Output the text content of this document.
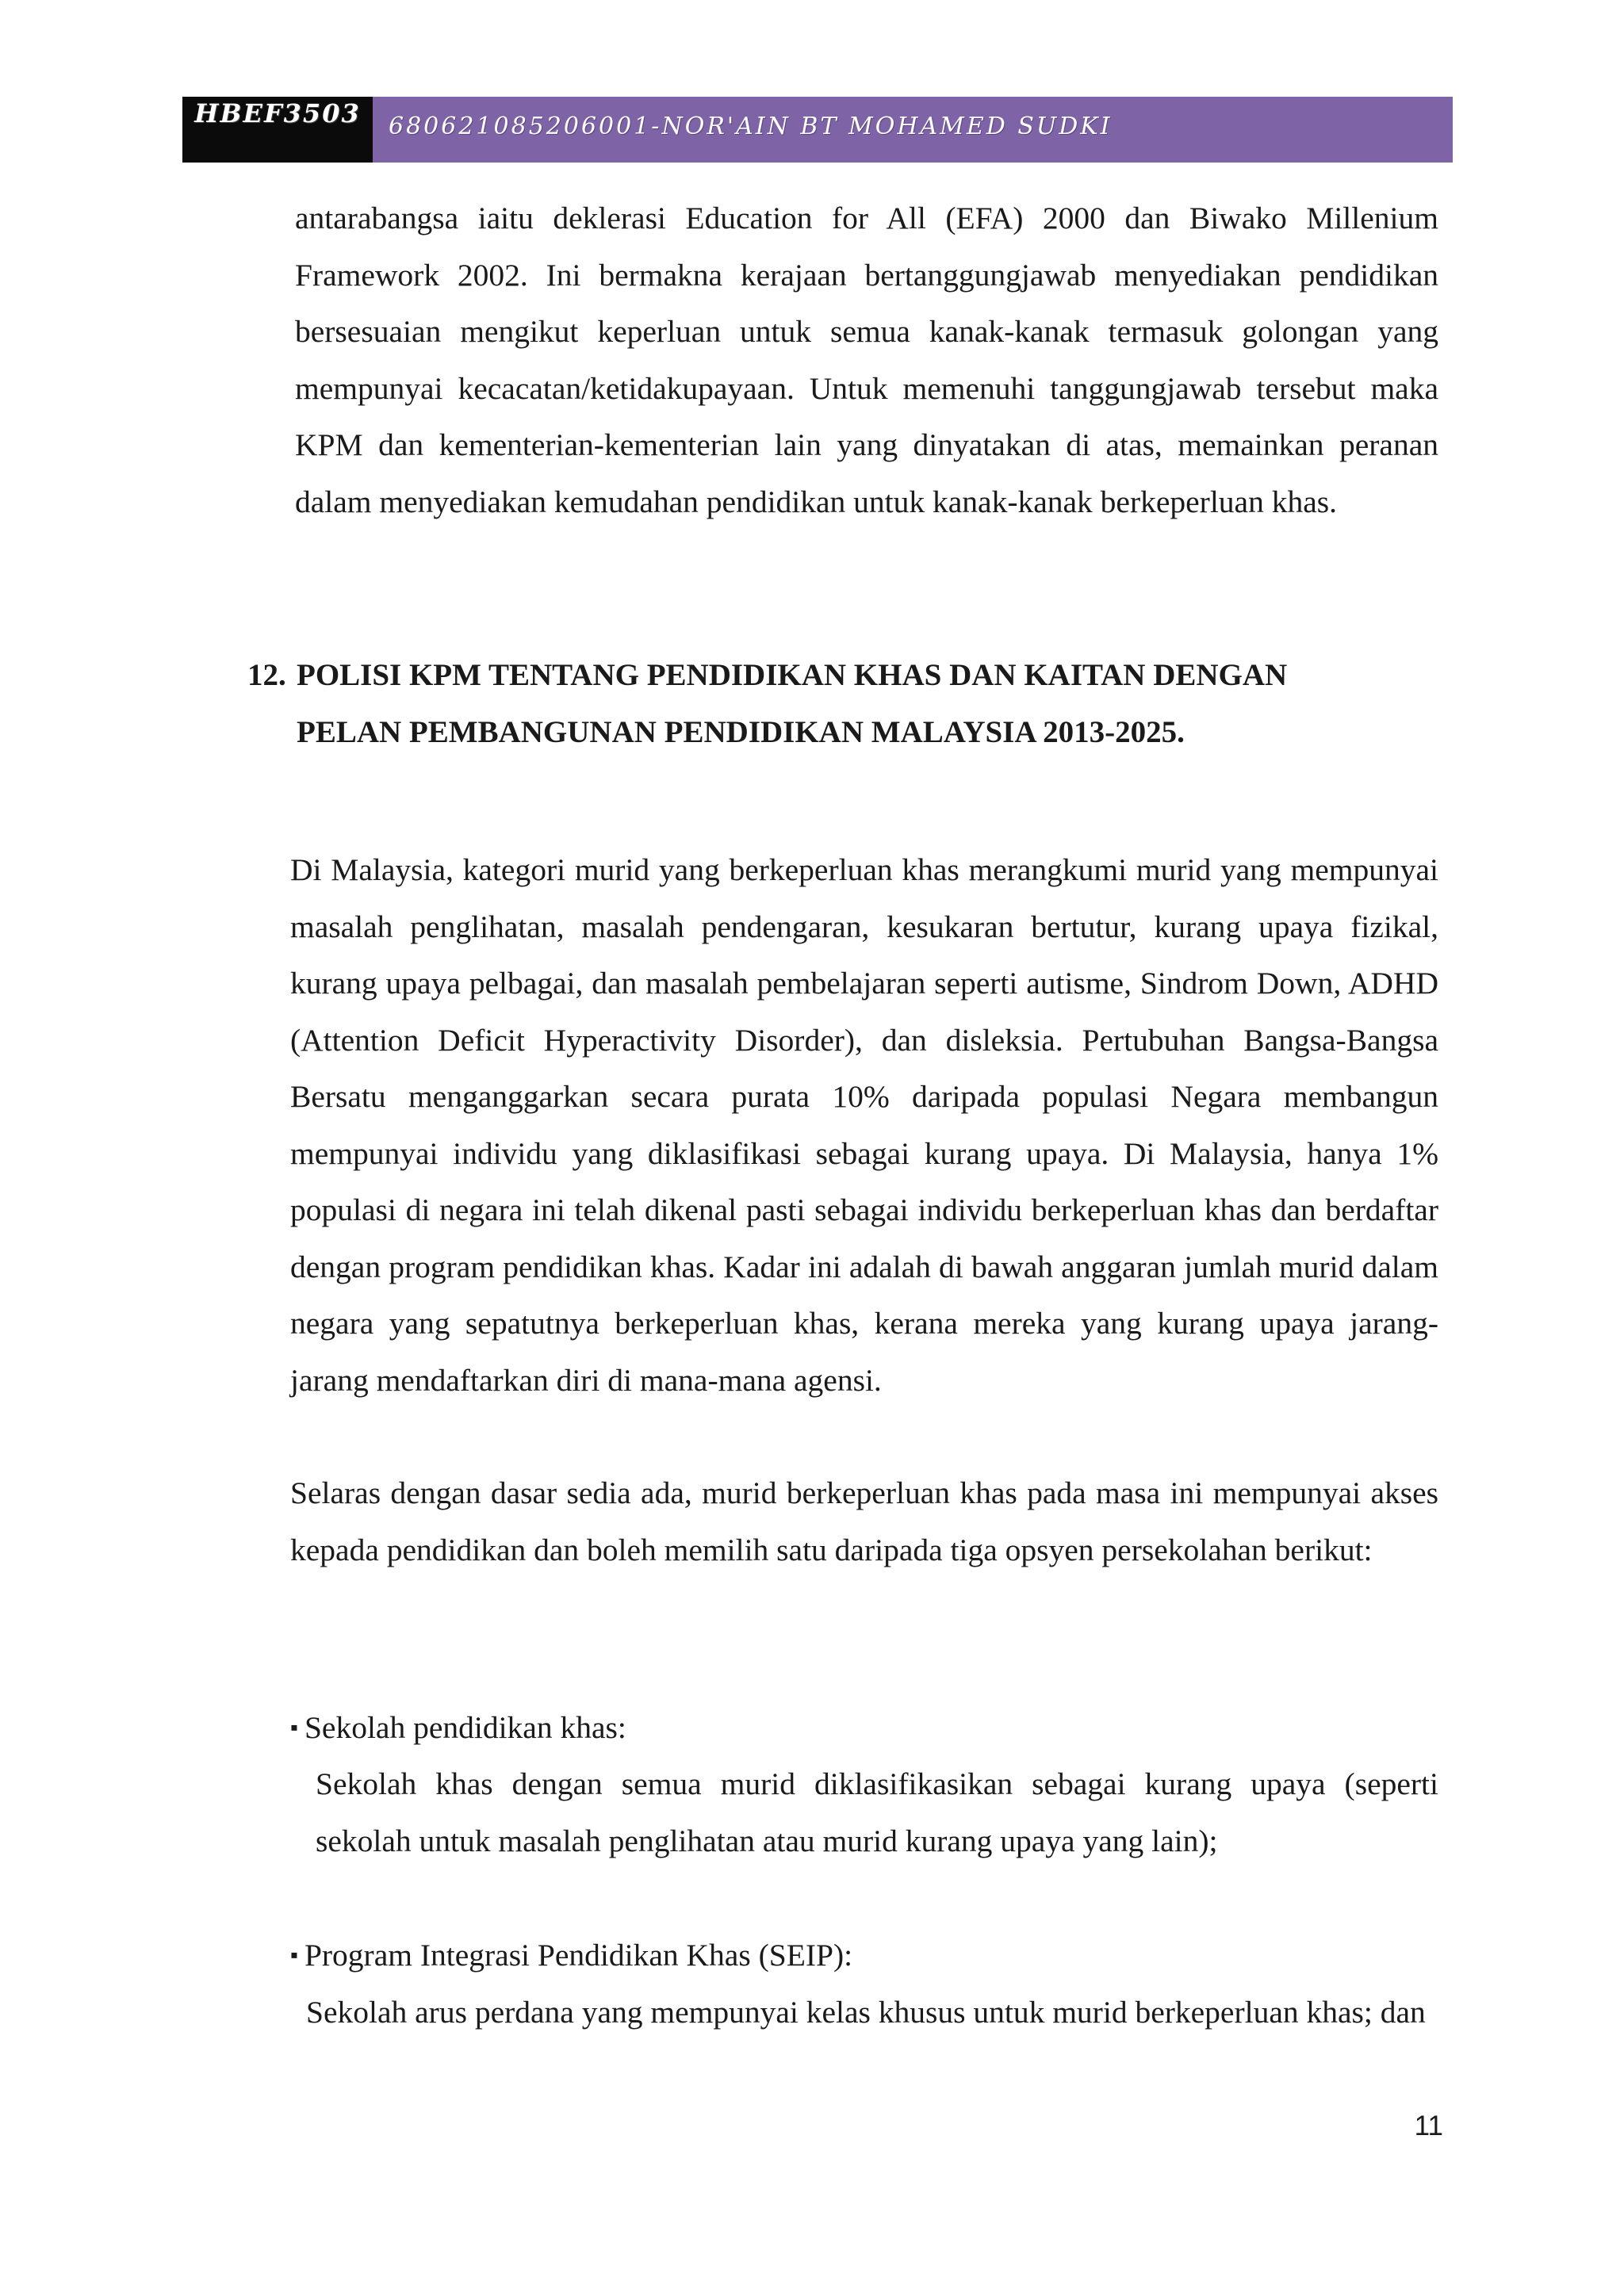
HBEF3503	680621085206001-NOR'AIN BT MOHAMED SUDKI

antarabangsa iaitu deklerasi Education for All (EFA) 2000 dan Biwako Millenium Framework 2002. Ini bermakna kerajaan bertanggungjawab menyediakan pendidikan bersesuaian mengikut keperluan untuk semua kanak-kanak termasuk golongan yang mempunyai kecacatan/ketidakupayaan. Untuk memenuhi tanggungjawab tersebut maka KPM dan kementerian-kementerian lain yang dinyatakan di atas, memainkan peranan dalam menyediakan kemudahan pendidikan untuk kanak-kanak berkeperluan khas.

12. POLISI KPM TENTANG PENDIDIKAN KHAS DAN KAITAN DENGAN
PELAN PEMBANGUNAN PENDIDIKAN MALAYSIA 2013-2025.

Di Malaysia, kategori murid yang berkeperluan khas merangkumi murid yang mempunyai masalah penglihatan, masalah pendengaran, kesukaran bertutur, kurang upaya fizikal, kurang upaya pelbagai, dan masalah pembelajaran seperti autisme, Sindrom Down, ADHD (Attention Deficit Hyperactivity Disorder), dan disleksia. Pertubuhan Bangsa-Bangsa Bersatu menganggarkan secara purata 10% daripada populasi Negara membangun mempunyai individu yang diklasifikasi sebagai kurang upaya. Di Malaysia, hanya 1% populasi di negara ini telah dikenal pasti sebagai individu berkeperluan khas dan berdaftar dengan program pendidikan khas. Kadar ini adalah di bawah anggaran jumlah murid dalam negara yang sepatutnya berkeperluan khas, kerana mereka yang kurang upaya jarang-jarang mendaftarkan diri di mana-mana agensi.

Selaras dengan dasar sedia ada, murid berkeperluan khas pada masa ini mempunyai akses kepada pendidikan dan boleh memilih satu daripada tiga opsyen persekolahan berikut:

▪ Sekolah pendidikan khas:

Sekolah khas dengan semua murid diklasifikasikan sebagai kurang upaya (seperti sekolah untuk masalah penglihatan atau murid kurang upaya yang lain);

▪ Program Integrasi Pendidikan Khas (SEIP):

Sekolah arus perdana yang mempunyai kelas khusus untuk murid berkeperluan khas; dan

11
